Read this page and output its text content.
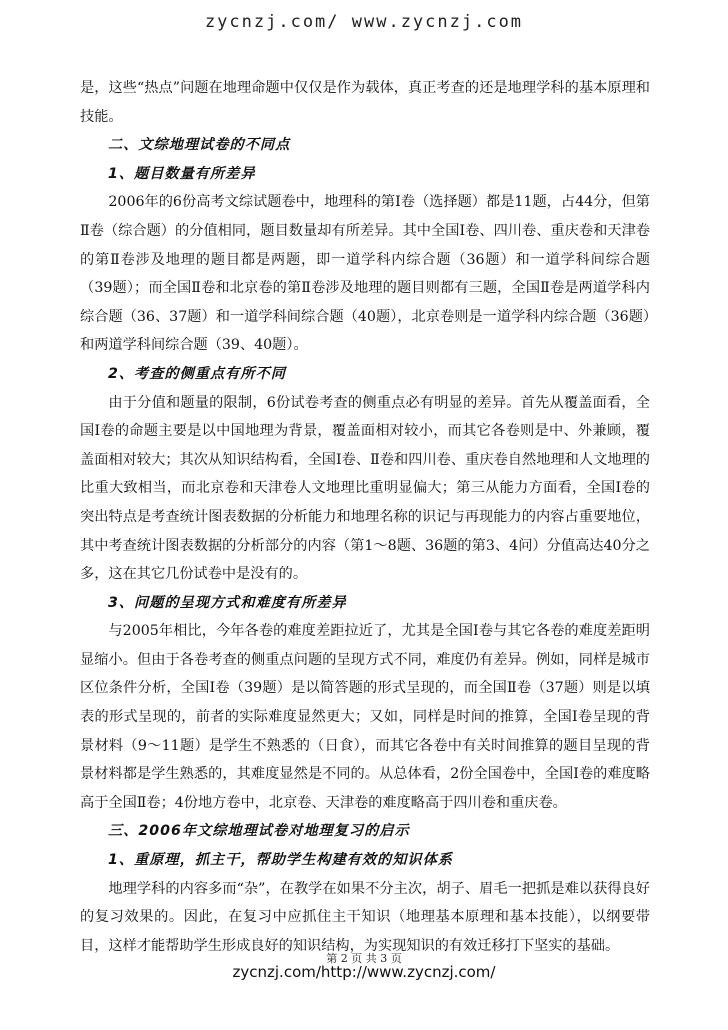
zycnzj.com/ www.zycnzj.com

是，这些“热点”问题在地理命题中仅仅是作为载体，真正考查的还是地理学科的基本原理和技能。

二、文综地理试卷的不同点

1、题目数量有所差异

2006年的6份高考文综试题卷中，地理科的第Ⅰ卷（选择题）都是11题，占44分，但第Ⅱ卷（综合题）的分值相同，题目数量却有所差异。其中全国Ⅰ卷、四川卷、重庆卷和天津卷的第Ⅱ卷涉及地理的题目都是两题，即一道学科内综合题（36题）和一道学科间综合题（39题）；而全国Ⅱ卷和北京卷的第Ⅱ卷涉及地理的题目则都有三题，全国Ⅱ卷是两道学科内综合题（36、37题）和一道学科间综合题（40题），北京卷则是一道学科内综合题（36题）和两道学科间综合题（39、40题）。

2、考查的侧重点有所不同

由于分值和题量的限制，6份试卷考查的侧重点必有明显的差异。首先从覆盖面看，全国Ⅰ卷的命题主要是以中国地理为背景，覆盖面相对较小，而其它各卷则是中、外兼顾，覆盖面相对较大；其次从知识结构看，全国Ⅰ卷、Ⅱ卷和四川卷、重庆卷自然地理和人文地理的比重大致相当，而北京卷和天津卷人文地理比重明显偏大；第三从能力方面看，全国Ⅰ卷的突出特点是考查统计图表数据的分析能力和地理名称的识记与再现能力的内容占重要地位，其中考查统计图表数据的分析部分的内容（第1～8题、36题的第3、4问）分值高达40分之多，这在其它几份试卷中是没有的。

3、问题的呈现方式和难度有所差异

与2005年相比，今年各卷的难度差距拉近了，尤其是全国Ⅰ卷与其它各卷的难度差距明显缩小。但由于各卷考查的侧重点问题的呈现方式不同，难度仍有差异。例如，同样是城市区位条件分析，全国Ⅰ卷（39题）是以简答题的形式呈现的，而全国Ⅱ卷（37题）则是以填表的形式呈现的，前者的实际难度显然更大；又如，同样是时间的推算，全国Ⅰ卷呈现的背景材料（9～11题）是学生不熟悉的（日食），而其它各卷中有关时间推算的题目呈现的背景材料都是学生熟悉的，其难度显然是不同的。从总体看，2份全国卷中，全国Ⅰ卷的难度略高于全国Ⅱ卷；4份地方卷中，北京卷、天津卷的难度略高于四川卷和重庆卷。

三、2006年文综地理试卷对地理复习的启示

1、重原理，抓主干，帮助学生构建有效的知识体系

地理学科的内容多而“杂”，在教学在如果不分主次，胡子、眉毛一把抓是难以获得良好的复习效果的。因此，在复习中应抓住主干知识（地理基本原理和基本技能），以纲要带目，这样才能帮助学生形成良好的知识结构，为实现知识的有效迁移打下坚实的基础。

第 2 页 共 3 页
zycnzj.com/http://www.zycnzj.com/
